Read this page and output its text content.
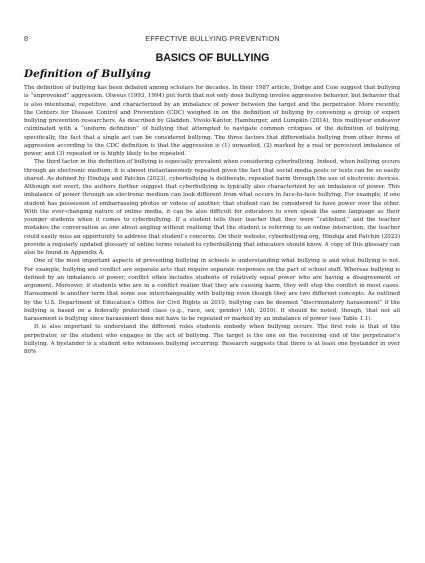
8	EFFECTIVE BULLYING PREVENTION
BASICS OF BULLYING
Definition of Bullying

The definition of bullying has been debated among scholars for decades. In their 1987 article, Dodge and Coie suggest that bullying is “unprovoked” aggression. Olweus (1993, 1994) put forth that not only does bullying involve aggressive behavior, but behavior that is also intentional, repetitive, and characterized by an imbalance of power between the target and the perpetrator. More recently, the Centers for Disease Control and Prevention (CDC) weighed in on the definition of bullying by convening a group of expert bullying prevention researchers. As described by Gladden, Vivolo-Kantor, Hamburger, and Lumpkin (2014), this multiyear endeavor culminated with a “uniform definition” of bullying that attempted to navigate common critiques of the definition of bullying, specifically, the fact that a single act can be considered bullying. The three factors that differentiate bullying from other forms of aggression according to the CDC definition is that the aggression is (1) unwanted, (2) marked by a real or perceived imbalance of power, and (3) repeated or is highly likely to be repeated.

The third factor in the definition of bullying is especially prevalent when considering cyberbullying. Indeed, when bullying occurs through an electronic medium, it is almost instantaneously repeated given the fact that social media posts or texts can be so easily shared. As defined by Hinduja and Patchin (2023), cyberbullying is deliberate, repeated harm through the use of electronic devices. Although not overt, the authors further suggest that cyberbullying is typically also characterized by an imbalance of power. This imbalance of power through an electronic medium can look different from what occurs in face-to-face bullying. For example, if one student has possession of embarrassing photos or videos of another, that student can be considered to have power over the other. With the ever-changing nature of online media, it can be also difficult for educators to even speak the same language as their younger students when it comes to cyberbullying. If a student tells their teacher that they were “catfished,” and the teacher mistakes the conversation as one about angling without realizing that the student is referring to an online interaction, the teacher could easily miss an opportunity to address that student’s concerns. On their website, cyberbullying.org, Hinduja and Patchin (2023) provide a regularly updated glossary of online terms related to cyberbullying that educators should know. A copy of this glossary can also be found in Appendix A.

One of the most important aspects of preventing bullying in schools is understanding what bullying is and what bullying is not. For example, bullying and conflict are separate acts that require separate responses on the part of school staff. Whereas bullying is defined by an imbalance of power, conflict often includes students of relatively equal power who are having a disagreement or argument. Moreover, if students who are in a conflict realize that they are causing harm, they will stop the conflict in most cases. Harassment is another term that some use interchangeably with bullying even though they are two different concepts. As outlined by the U.S. Department of Education’s Office for Civil Rights in 2010, bullying can be deemed “discriminatory harassment” if the bullying is based on a federally protected class (e.g., race, sex, gender) (Ali, 2010). It should be noted, though, that not all harassment is bullying since harassment does not have to be repeated or marked by an imbalance of power (see Table 1.1).

It is also important to understand the different roles students embody when bullying occurs. The first role is that of the perpetrator, or the student who engages in the act of bullying. The target is the one on the receiving end of the perpetrator’s bullying. A bystander is a student who witnesses bullying occurring. Research suggests that there is at least one bystander in over 80%
